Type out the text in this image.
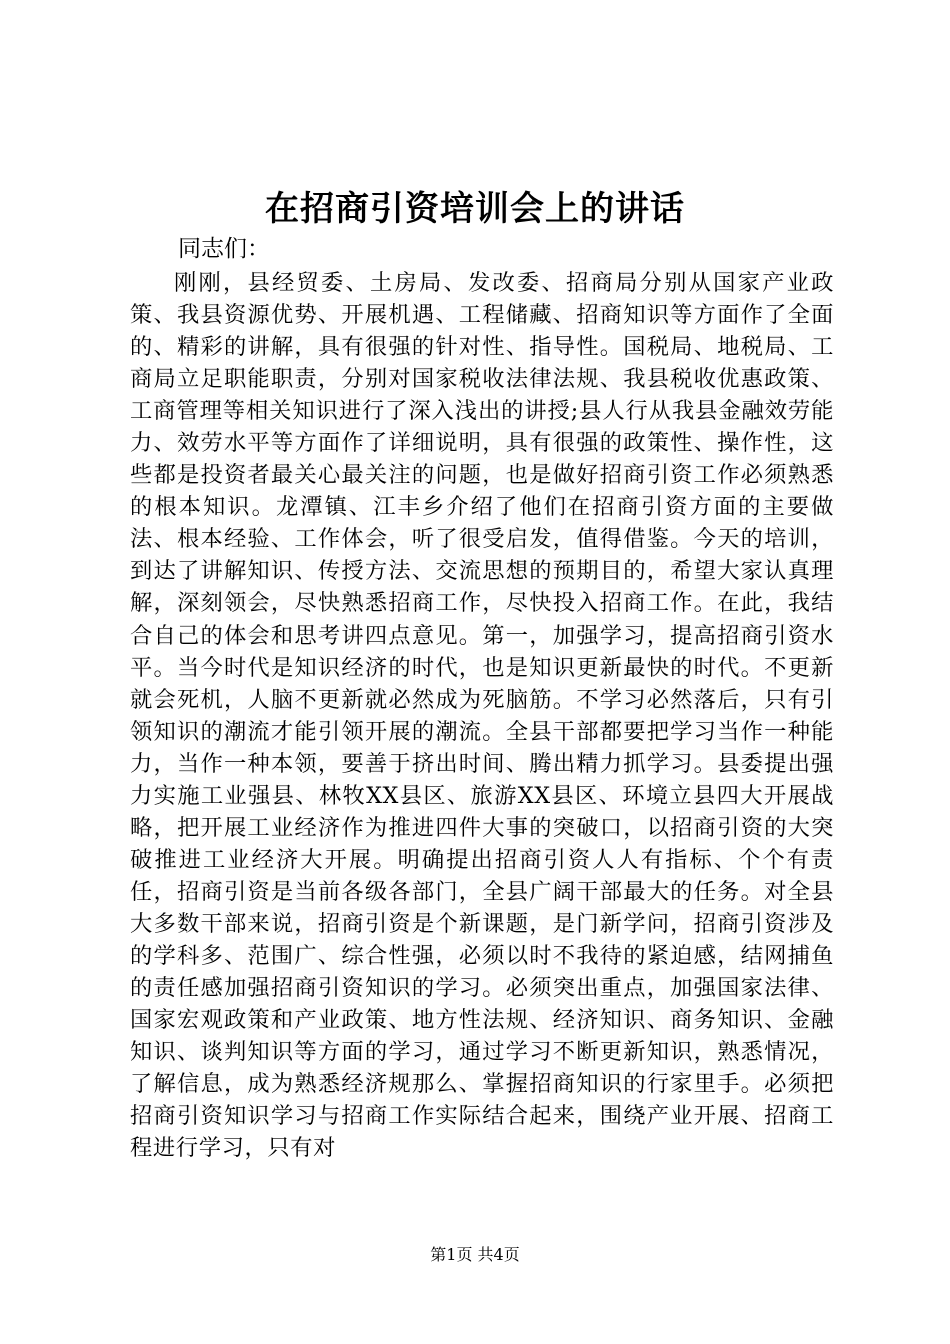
在招商引资培训会上的讲话
同志们：

刚刚，县经贸委、土房局、发改委、招商局分别从国家产业政策、我县资源优势、开展机遇、工程储藏、招商知识等方面作了全面的、精彩的讲解，具有很强的针对性、指导性。国税局、地税局、工商局立足职能职责，分别对国家税收法律法规、我县税收优惠政策、工商管理等相关知识进行了深入浅出的讲授;县人行从我县金融效劳能力、效劳水平等方面作了详细说明，具有很强的政策性、操作性，这些都是投资者最关心最关注的问题，也是做好招商引资工作必须熟悉的根本知识。龙潭镇、江丰乡介绍了他们在招商引资方面的主要做法、根本经验、工作体会，听了很受启发，值得借鉴。今天的培训，到达了讲解知识、传授方法、交流思想的预期目的，希望大家认真理解，深刻领会，尽快熟悉招商工作，尽快投入招商工作。在此，我结合自己的体会和思考讲四点意见。第一，加强学习，提高招商引资水平。当今时代是知识经济的时代，也是知识更新最快的时代。不更新就会死机，人脑不更新就必然成为死脑筋。不学习必然落后，只有引领知识的潮流才能引领开展的潮流。全县干部都要把学习当作一种能力，当作一种本领，要善于挤出时间、腾出精力抓学习。县委提出强力实施工业强县、林牧XX县区、旅游XX县区、环境立县四大开展战略，把开展工业经济作为推进四件大事的突破口，以招商引资的大突破推进工业经济大开展。明确提出招商引资人人有指标、个个有责任，招商引资是当前各级各部门，全县广阔干部最大的任务。对全县大多数干部来说，招商引资是个新课题，是门新学问，招商引资涉及的学科多、范围广、综合性强，必须以时不我待的紧迫感，结网捕鱼的责任感加强招商引资知识的学习。必须突出重点，加强国家法律、国家宏观政策和产业政策、地方性法规、经济知识、商务知识、金融知识、谈判知识等方面的学习，通过学习不断更新知识，熟悉情况，了解信息，成为熟悉经济规那么、掌握招商知识的行家里手。必须把招商引资知识学习与招商工作实际结合起来，围绕产业开展、招商工程进行学习，只有对

第1页 共4页
